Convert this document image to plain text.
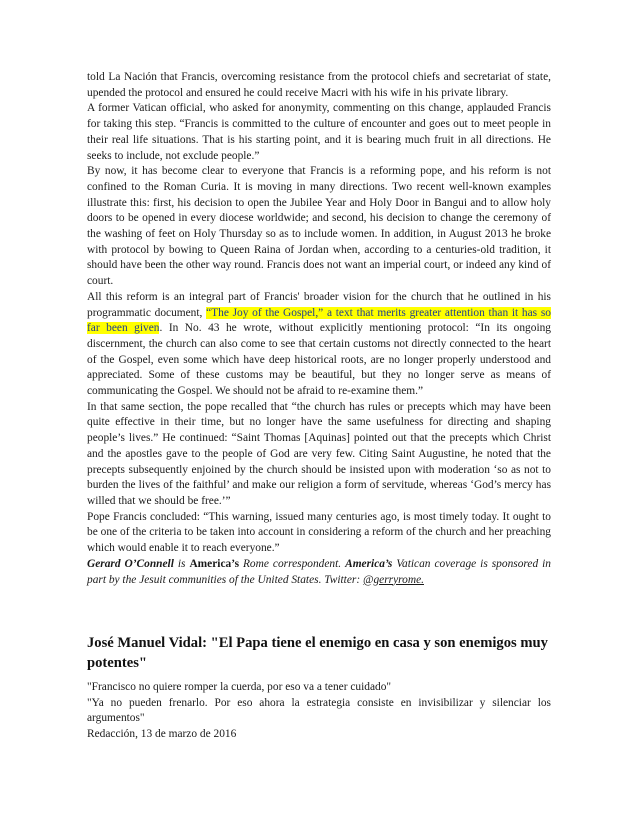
told La Nación that Francis, overcoming resistance from the protocol chiefs and secretariat of state, upended the protocol and ensured he could receive Macri with his wife in his private library.

A former Vatican official, who asked for anonymity, commenting on this change, applauded Francis for taking this step. “Francis is committed to the culture of encounter and goes out to meet people in their real life situations. That is his starting point, and it is bearing much fruit in all directions. He seeks to include, not exclude people.”

By now, it has become clear to everyone that Francis is a reforming pope, and his reform is not confined to the Roman Curia. It is moving in many directions. Two recent well-known examples illustrate this: first, his decision to open the Jubilee Year and Holy Door in Bangui and to allow holy doors to be opened in every diocese worldwide; and second, his decision to change the ceremony of the washing of feet on Holy Thursday so as to include women. In addition, in August 2013 he broke with protocol by bowing to Queen Raina of Jordan when, according to a centuries-old tradition, it should have been the other way round. Francis does not want an imperial court, or indeed any kind of court.

All this reform is an integral part of Francis' broader vision for the church that he outlined in his programmatic document, “The Joy of the Gospel,” a text that merits greater attention than it has so far been given. In No. 43 he wrote, without explicitly mentioning protocol: “In its ongoing discernment, the church can also come to see that certain customs not directly connected to the heart of the Gospel, even some which have deep historical roots, are no longer properly understood and appreciated. Some of these customs may be beautiful, but they no longer serve as means of communicating the Gospel. We should not be afraid to re-examine them.”

In that same section, the pope recalled that “the church has rules or precepts which may have been quite effective in their time, but no longer have the same usefulness for directing and shaping people’s lives.” He continued: “Saint Thomas [Aquinas] pointed out that the precepts which Christ and the apostles gave to the people of God are very few. Citing Saint Augustine, he noted that the precepts subsequently enjoined by the church should be insisted upon with moderation ‘so as not to burden the lives of the faithful’ and make our religion a form of servitude, whereas ‘God’s mercy has willed that we should be free.’”

Pope Francis concluded: “This warning, issued many centuries ago, is most timely today. It ought to be one of the criteria to be taken into account in considering a reform of the church and her preaching which would enable it to reach everyone.”

Gerard O’Connell is America’s Rome correspondent. America’s Vatican coverage is sponsored in part by the Jesuit communities of the United States. Twitter: @gerryrome.

José Manuel Vidal: "El Papa tiene el enemigo en casa y son enemigos muy potentes"

"Francisco no quiere romper la cuerda, por eso va a tener cuidado"

"Ya no pueden frenarlo. Por eso ahora la estrategia consiste en invisibilizar y silenciar los argumentos"

Redacción, 13 de marzo de 2016
